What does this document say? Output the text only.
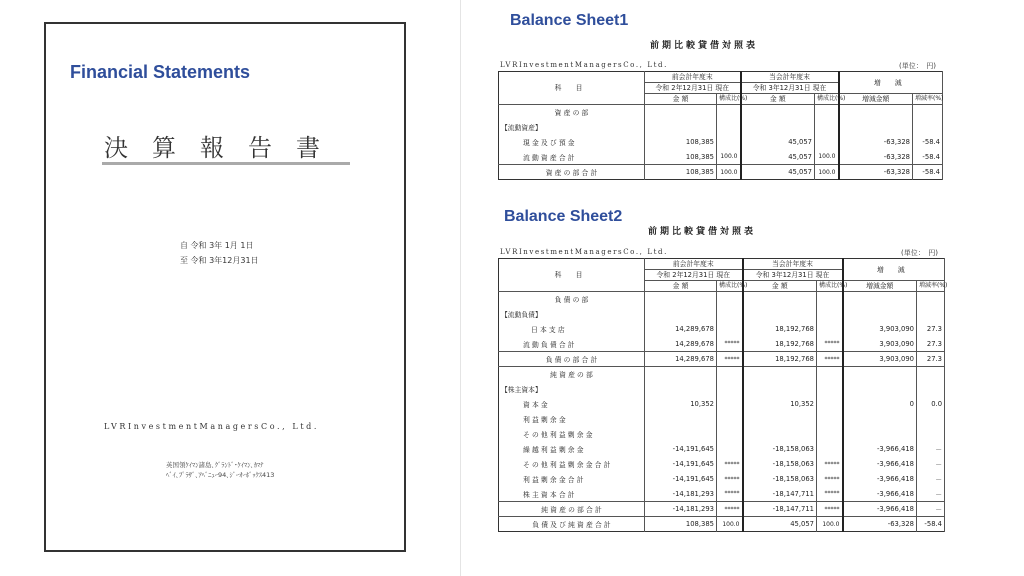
Financial Statements
決算報告書
自 令和 3年 1月 1日
至 令和 3年12月31日
LVRInvestmentManagersCo., Ltd.
英国領ｹｲﾏﾝ諸島､ｸﾞﾗﾝﾄﾞ･ｹｲﾏﾝ､ｶﾏﾅ
ﾍﾞｲ､ﾌﾟﾗｻﾞ､ｱﾍﾞﾆｭｰ94､ｼﾞｰｵｰﾎﾞｯｸｽ413
Balance Sheet1
前期比較貸借対照表
LVRInvestmentManagersCo., Ltd.	(単位：　円)
科 目	前会計年度末		当会計年度末		増 減	
	令和 2年12月31日 現在		令和 3年12月31日 現在			
	金 額	構成比(%)	金 額	構成比(%)	増減金額	増減率(%)
資 産 の 部						
【流動資産】						
現 金 及 び 預 金	108,385		45,057		-63,328	-58.4
流 動 資 産 合 計	108,385	100.0	45,057	100.0	-63,328	-58.4
資 産 の 部 合 計	108,385	100.0	45,057	100.0	-63,328	-58.4
Balance Sheet2
前期比較貸借対照表
LVRInvestmentManagersCo., Ltd.	(単位：　円)
科 目	前会計年度末		当会計年度末		増 減	
	令和 2年12月31日 現在		令和 3年12月31日 現在			
	金 額	構成比(%)	金 額	構成比(%)	増減金額	増減率(%)
負 債 の 部						
【流動負債】						
日 本 支 店	14,289,678		18,192,768		3,903,090	27.3
流 動 負 債 合 計	14,289,678	*****	18,192,768	*****	3,903,090	27.3
負 債 の 部 合 計	14,289,678	*****	18,192,768	*****	3,903,090	27.3
純 資 産 の 部						
【株主資本】						
資 本 金	10,352		10,352		0	0.0
利 益 剰 余 金						
そ の 他 利 益 剰 余 金						
繰 越 利 益 剰 余 金	-14,191,645		-18,158,063		-3,966,418	－
そ の 他 利 益 剰 余 金 合 計	-14,191,645	*****	-18,158,063	*****	-3,966,418	－
利 益 剰 余 金 合 計	-14,191,645	*****	-18,158,063	*****	-3,966,418	－
株 主 資 本 合 計	-14,181,293	*****	-18,147,711	*****	-3,966,418	－
純 資 産 の 部 合 計	-14,181,293	*****	-18,147,711	*****	-3,966,418	－
負 債 及 び 純 資 産 合 計	108,385	100.0	45,057	100.0	-63,328	-58.4
